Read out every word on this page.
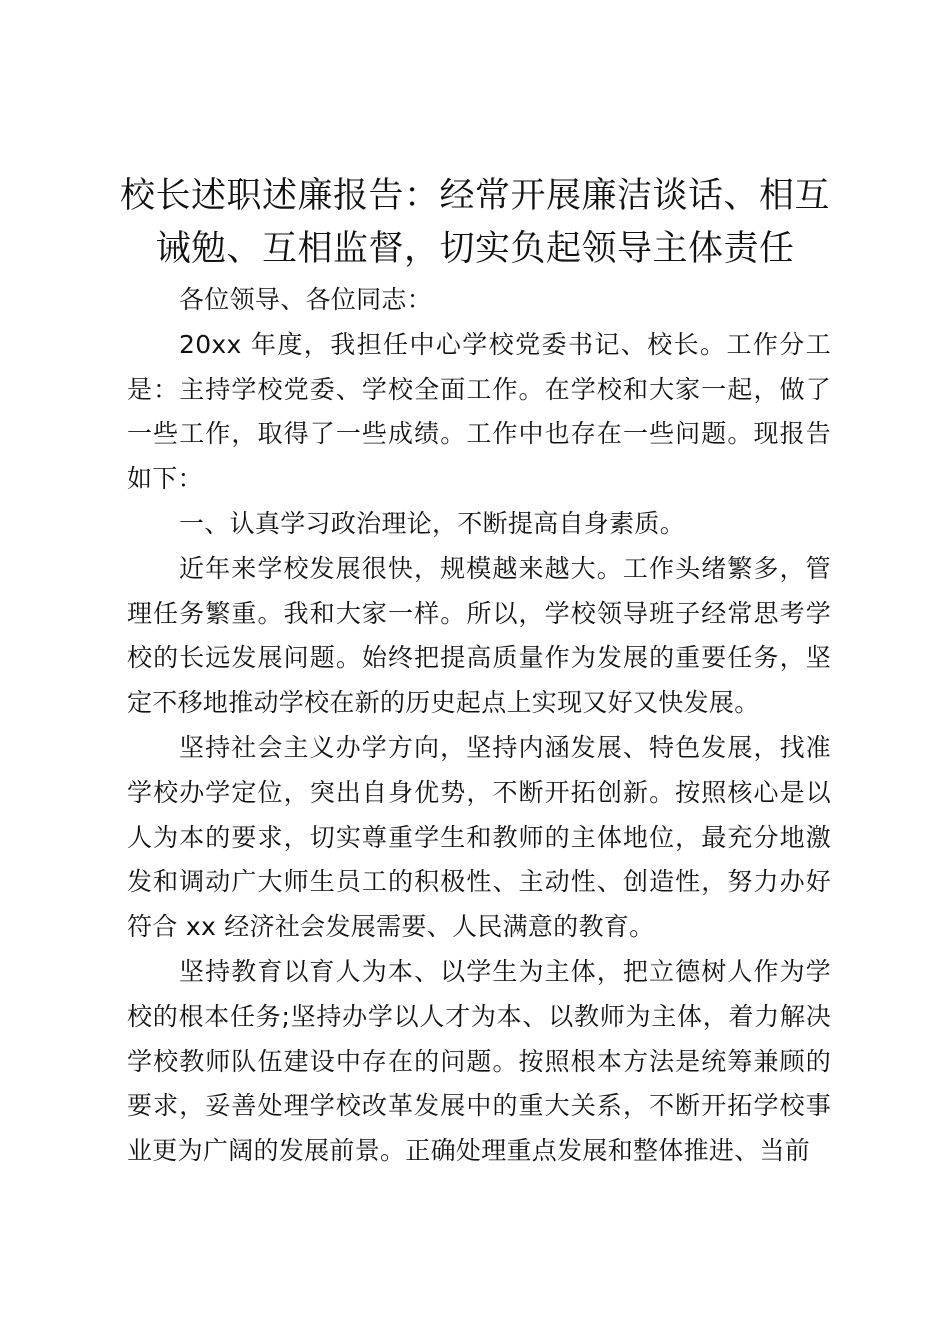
校长述职述廉报告：经常开展廉洁谈话、相互诫勉、互相监督，切实负起领导主体责任

各位领导、各位同志：

20xx 年度，我担任中心学校党委书记、校长。工作分工是：主持学校党委、学校全面工作。在学校和大家一起，做了一些工作，取得了一些成绩。工作中也存在一些问题。现报告如下：

一、认真学习政治理论，不断提高自身素质。

近年来学校发展很快，规模越来越大。工作头绪繁多，管理任务繁重。我和大家一样。所以，学校领导班子经常思考学校的长远发展问题。始终把提高质量作为发展的重要任务，坚定不移地推动学校在新的历史起点上实现又好又快发展。

坚持社会主义办学方向，坚持内涵发展、特色发展，找准学校办学定位，突出自身优势，不断开拓创新。按照核心是以人为本的要求，切实尊重学生和教师的主体地位，最充分地激发和调动广大师生员工的积极性、主动性、创造性，努力办好符合 xx 经济社会发展需要、人民满意的教育。

坚持教育以育人为本、以学生为主体，把立德树人作为学校的根本任务;坚持办学以人才为本、以教师为主体，着力解决学校教师队伍建设中存在的问题。按照根本方法是统筹兼顾的要求，妥善处理学校改革发展中的重大关系，不断开拓学校事业更为广阔的发展前景。正确处理重点发展和整体推进、当前
